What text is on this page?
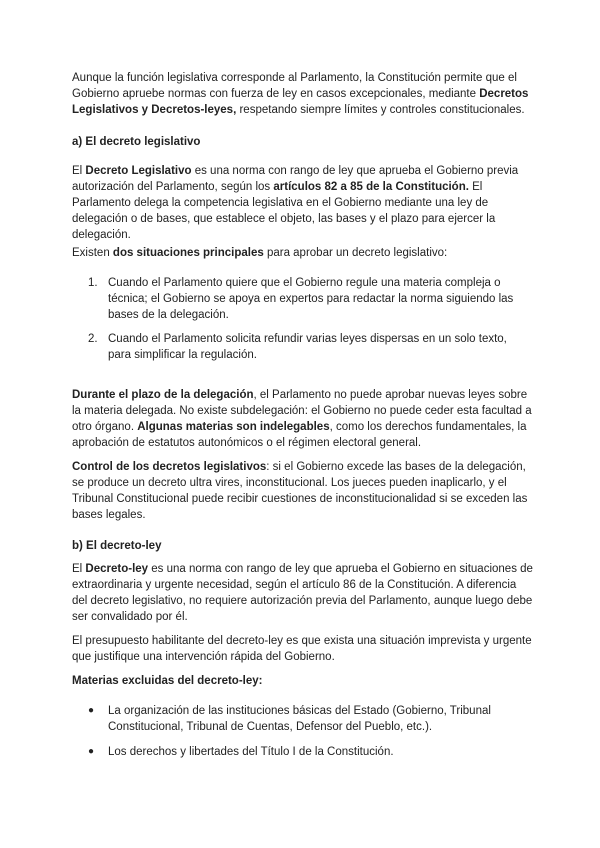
Aunque la función legislativa corresponde al Parlamento, la Constitución permite que el Gobierno apruebe normas con fuerza de ley en casos excepcionales, mediante Decretos Legislativos y Decretos-leyes, respetando siempre límites y controles constitucionales.

a) El decreto legislativo

El Decreto Legislativo es una norma con rango de ley que aprueba el Gobierno previa autorización del Parlamento, según los artículos 82 a 85 de la Constitución. El Parlamento delega la competencia legislativa en el Gobierno mediante una ley de delegación o de bases, que establece el objeto, las bases y el plazo para ejercer la delegación.

Existen dos situaciones principales para aprobar un decreto legislativo:

1. Cuando el Parlamento quiere que el Gobierno regule una materia compleja o técnica; el Gobierno se apoya en expertos para redactar la norma siguiendo las bases de la delegación.

2. Cuando el Parlamento solicita refundir varias leyes dispersas en un solo texto, para simplificar la regulación.

Durante el plazo de la delegación, el Parlamento no puede aprobar nuevas leyes sobre la materia delegada. No existe subdelegación: el Gobierno no puede ceder esta facultad a otro órgano. Algunas materias son indelegables, como los derechos fundamentales, la aprobación de estatutos autonómicos o el régimen electoral general.

Control de los decretos legislativos: si el Gobierno excede las bases de la delegación, se produce un decreto ultra vires, inconstitucional. Los jueces pueden inaplicarlo, y el Tribunal Constitucional puede recibir cuestiones de inconstitucionalidad si se exceden las bases legales.

b) El decreto-ley

El Decreto-ley es una norma con rango de ley que aprueba el Gobierno en situaciones de extraordinaria y urgente necesidad, según el artículo 86 de la Constitución. A diferencia del decreto legislativo, no requiere autorización previa del Parlamento, aunque luego debe ser convalidado por él.

El presupuesto habilitante del decreto-ley es que exista una situación imprevista y urgente que justifique una intervención rápida del Gobierno.

Materias excluidas del decreto-ley:

● La organización de las instituciones básicas del Estado (Gobierno, Tribunal Constitucional, Tribunal de Cuentas, Defensor del Pueblo, etc.).

● Los derechos y libertades del Título I de la Constitución.
